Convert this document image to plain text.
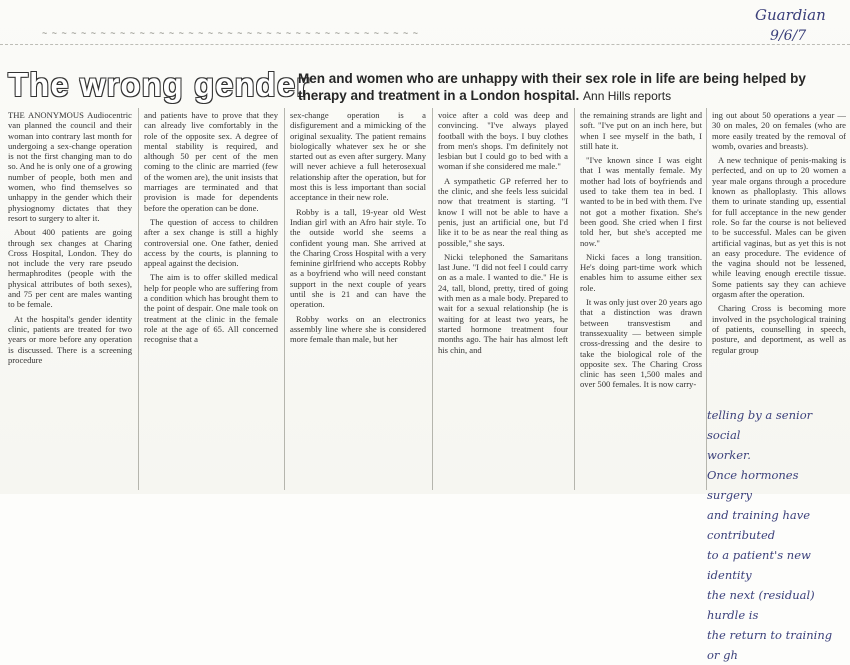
~ ~ ~ ~ ~ ~ ~ ~ ~ ~ ~ ~ ~ ~ ~ ~ ~ ~ ~ ~ ~ ~ ~ ~ ~ ~ ~ ~ ~ ~ ~ ~ ~ ~ ~ ~ ~ ~ ~
Guardian
9/6/7
The wrong gender
Men and women who are unhappy with their sex role in life are being helped by therapy and treatment in a London hospital. Ann Hills reports

THE ANONYMOUS Audiocentric van planned the council and their woman into contrary last month for undergoing a sex-change operation is not the first changing man to do so. And he is only one of a growing number of people, both men and women, who find themselves so unhappy in the gender which their physiognomy dictates that they resort to surgery to alter it.

About 400 patients are going through sex changes at Charing Cross Hospital, London. They do not include the very rare pseudo hermaphrodites (people with the physical attributes of both sexes), and 75 per cent are males wanting to be female.

At the hospital's gender identity clinic, patients are treated for two years or more before any operation is discussed. There is a screening procedure

and patients have to prove that they can already live comfortably in the role of the opposite sex. A degree of mental stability is required, and although 50 per cent of the men coming to the clinic are married (few of the women are), the unit insists that marriages are terminated and that provision is made for dependents before the operation can be done.

The question of access to children after a sex change is still a highly controversial one. One father, denied access by the courts, is planning to appeal against the decision.

The aim is to offer skilled medical help for people who are suffering from a condition which has brought them to the point of despair. One male took on treatment at the clinic in the female role at the age of 65. All concerned recognise that a

sex-change operation is a disfigurement and a mimicking of the original sexuality. The patient remains biologically whatever sex he or she started out as even after surgery. Many will never achieve a full heterosexual relationship after the operation, but for most this is less important than social acceptance in their new role.

Robby is a tall, 19-year old West Indian girl with an Afro hair style. To the outside world she seems a confident young man. She arrived at the Charing Cross Hospital with a very feminine girlfriend who accepts Robby as a boyfriend who will need constant support in the next couple of years until she is 21 and can have the operation.

Robby works on an electronics assembly line where she is considered more female than male, but her

voice after a cold was deep and convincing. "I've always played football with the boys. I buy clothes from men's shops. I'm definitely not lesbian but I could go to bed with a woman if she considered me male."

A sympathetic GP referred her to the clinic, and she feels less suicidal now that treatment is starting. "I know I will not be able to have a penis, just an artificial one, but I'd like it to be as near the real thing as possible," she says.

Nicki telephoned the Samaritans last June. "I did not feel I could carry on as a male. I wanted to die." He is 24, tall, blond, pretty, tired of going with men as a male body. Prepared to wait for a sexual relationship (he is waiting for at least two years, he started hormone treatment four months ago. The hair has almost left his chin, and

the remaining strands are light and soft. "I've put on an inch here, but when I see myself in the bath, I still hate it.

"I've known since I was eight that I was mentally female. My mother had lots of boyfriends and used to take them tea in bed. I wanted to be in bed with them. I've not got a mother fixation. She's been good. She cried when I first told her, but she's accepted me now."

Nicki faces a long transition. He's doing part-time work which enables him to assume either sex role.

It was only just over 20 years ago that a distinction was drawn between transvestism and transsexuality — between simple cross-dressing and the desire to take the biological role of the opposite sex. The Charing Cross clinic has seen 1,500 males and over 500 females. It is now carry-

ing out about 50 operations a year — 30 on males, 20 on females (who are more easily treated by the removal of womb, ovaries and breasts).

A new technique of penis-making is perfected, and on up to 20 women a year male organs through a procedure known as phalloplasty. This allows them to urinate standing up, essential for full acceptance in the new gender role. So far the course is not believed to be successful. Males can be given artificial vaginas, but as yet this is not an easy procedure. The evidence of the vagina should not be lessened, while leaving enough erectile tissue. Some patients say they can achieve orgasm after the operation.

Charing Cross is becoming more involved in the psychological training of patients, counselling in speech, posture, and deportment, as well as regular group

telling by a senior social

worker.

Once hormones surgery

and training have contributed

to a patient's new identity

the next (residual) hurdle is

the return to training or gh
